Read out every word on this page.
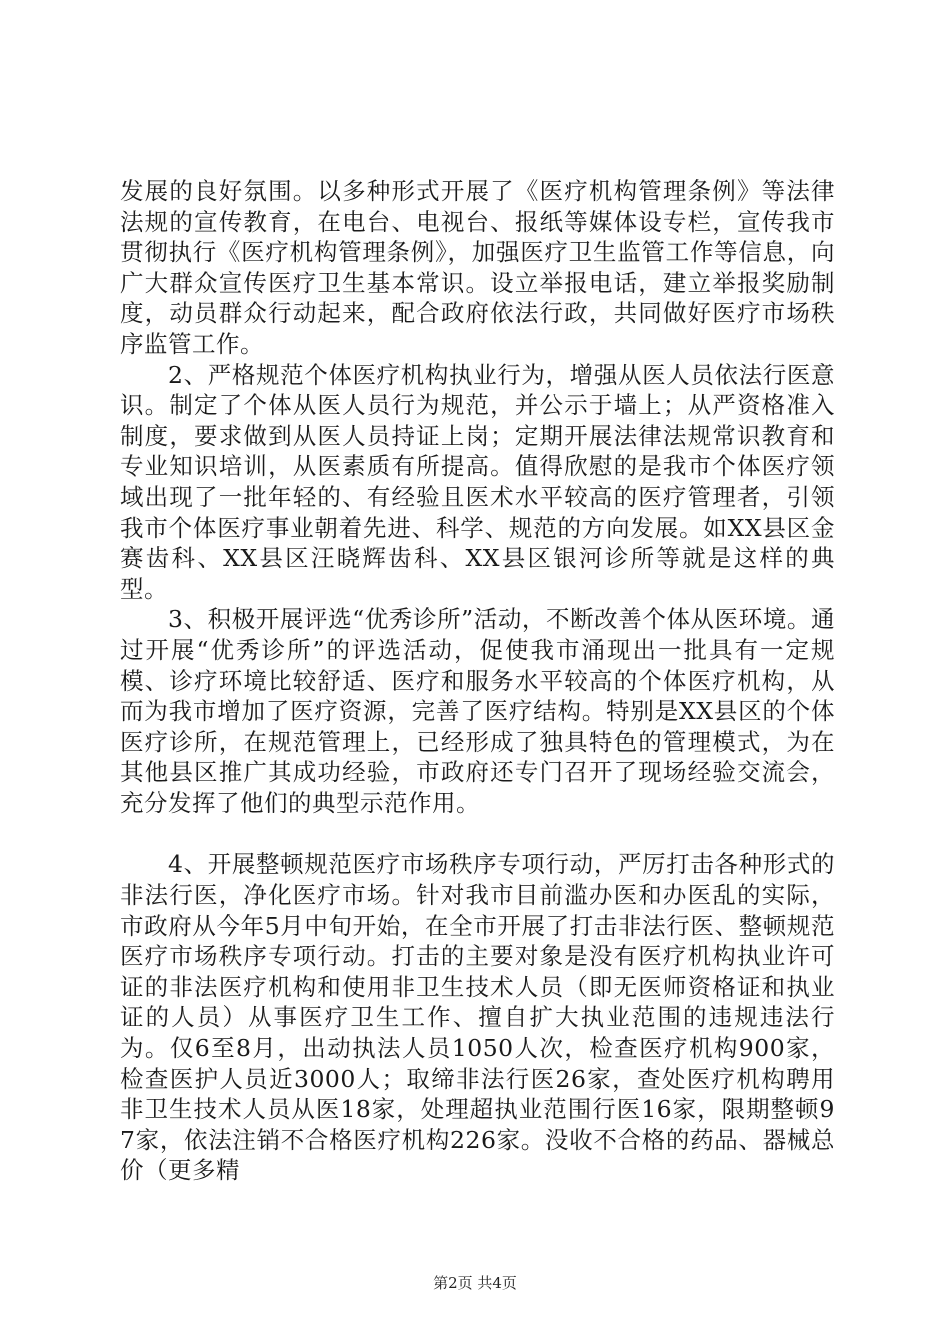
发展的良好氛围。以多种形式开展了《医疗机构管理条例》等法律法规的宣传教育，在电台、电视台、报纸等媒体设专栏，宣传我市贯彻执行《医疗机构管理条例》，加强医疗卫生监管工作等信息，向广大群众宣传医疗卫生基本常识。设立举报电话，建立举报奖励制度，动员群众行动起来，配合政府依法行政，共同做好医疗市场秩序监管工作。

2、严格规范个体医疗机构执业行为，增强从医人员依法行医意识。制定了个体从医人员行为规范，并公示于墙上；从严资格准入制度，要求做到从医人员持证上岗；定期开展法律法规常识教育和专业知识培训，从医素质有所提高。值得欣慰的是我市个体医疗领域出现了一批年轻的、有经验且医术水平较高的医疗管理者，引领我市个体医疗事业朝着先进、科学、规范的方向发展。如XX县区金赛齿科、XX县区汪晓辉齿科、XX县区银河诊所等就是这样的典型。

3、积极开展评选“优秀诊所”活动，不断改善个体从医环境。通过开展“优秀诊所”的评选活动，促使我市涌现出一批具有一定规模、诊疗环境比较舒适、医疗和服务水平较高的个体医疗机构，从而为我市增加了医疗资源，完善了医疗结构。特别是XX县区的个体医疗诊所，在规范管理上，已经形成了独具特色的管理模式，为在其他县区推广其成功经验，市政府还专门召开了现场经验交流会，充分发挥了他们的典型示范作用。

4、开展整顿规范医疗市场秩序专项行动，严厉打击各种形式的非法行医，净化医疗市场。针对我市目前滥办医和办医乱的实际，市政府从今年5月中旬开始，在全市开展了打击非法行医、整顿规范医疗市场秩序专项行动。打击的主要对象是没有医疗机构执业许可证的非法医疗机构和使用非卫生技术人员（即无医师资格证和执业证的人员）从事医疗卫生工作、擅自扩大执业范围的违规违法行为。仅6至8月，出动执法人员1050人次，检查医疗机构900家，检查医护人员近3000人；取缔非法行医26家，查处医疗机构聘用非卫生技术人员从医18家，处理超执业范围行医16家，限期整顿97家，依法注销不合格医疗机构226家。没收不合格的药品、器械总价（更多精

第2页 共4页
